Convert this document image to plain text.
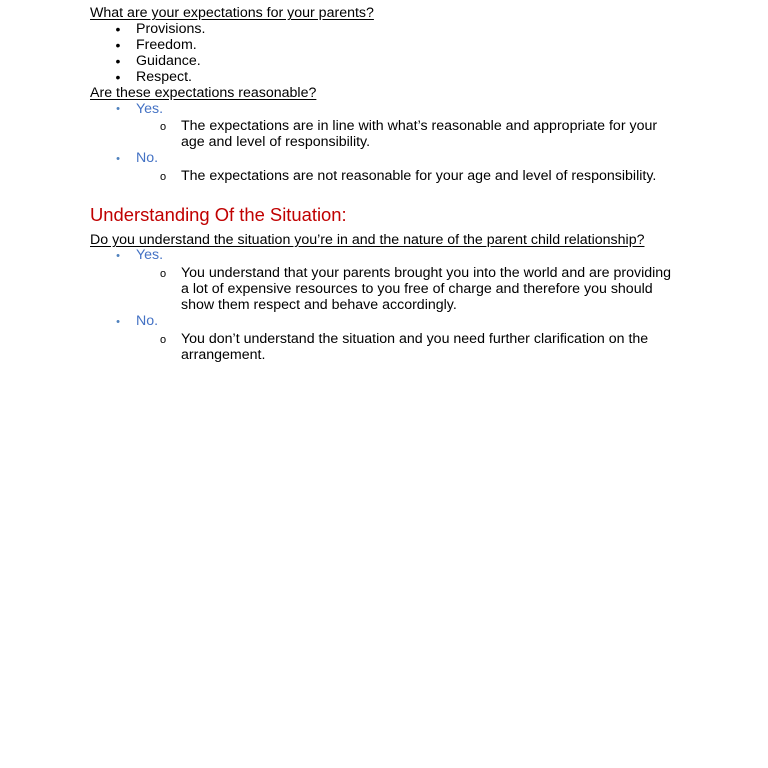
What are your expectations for your parents?
• Provisions.
• Freedom.
• Guidance.
• Respect.
Are these expectations reasonable?
• Yes.
o The expectations are in line with what’s reasonable and appropriate for your age and level of responsibility.
• No.
o The expectations are not reasonable for your age and level of responsibility.
Understanding Of the Situation:
Do you understand the situation you’re in and the nature of the parent child relationship?
• Yes.
o You understand that your parents brought you into the world and are providing a lot of expensive resources to you free of charge and therefore you should show them respect and behave accordingly.
• No.
o You don’t understand the situation and you need further clarification on the arrangement.
